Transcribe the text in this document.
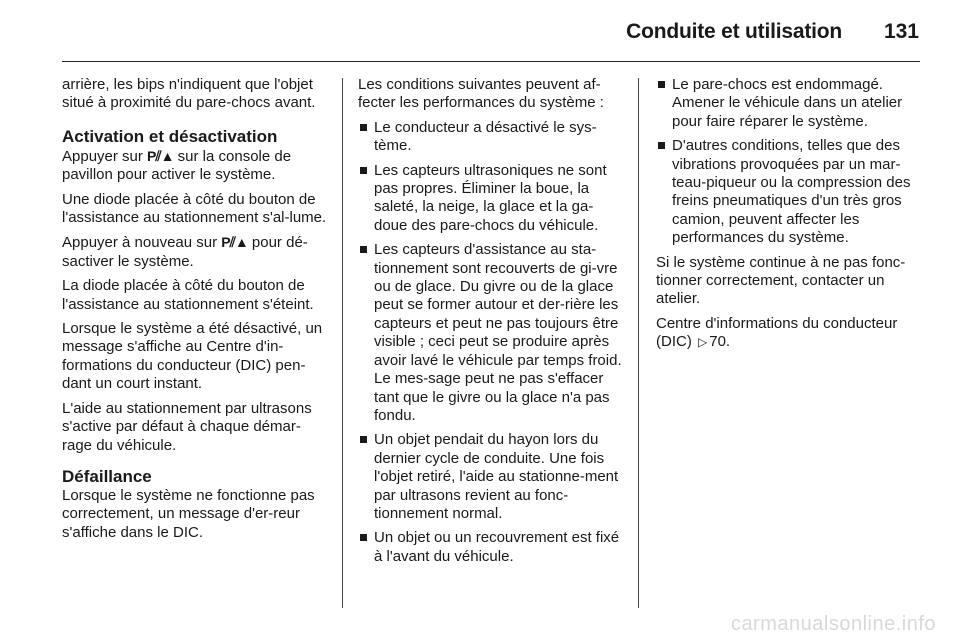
Conduite et utilisation 131

arrière, les bips n'indiquent que l'objet situé à proximité du pare-chocs avant.

Activation et désactivation

Appuyer sur P⫽▲ sur la console de pavillon pour activer le système.

Une diode placée à côté du bouton de l'assistance au stationnement s'al-lume.

Appuyer à nouveau sur P⫽▲ pour dé-sactiver le système.

La diode placée à côté du bouton de l'assistance au stationnement s'éteint.

Lorsque le système a été désactivé, un message s'affiche au Centre d'in-formations du conducteur (DIC) pen-dant un court instant.

L'aide au stationnement par ultrasons s'active par défaut à chaque démar-rage du véhicule.

Défaillance

Lorsque le système ne fonctionne pas correctement, un message d'er-reur s'affiche dans le DIC.

Les conditions suivantes peuvent af-fecter les performances du système :

Le conducteur a désactivé le sys-tème.
Les capteurs ultrasoniques ne sont pas propres. Éliminer la boue, la saleté, la neige, la glace et la ga-doue des pare-chocs du véhicule.
Les capteurs d'assistance au sta-tionnement sont recouverts de gi-vre ou de glace. Du givre ou de la glace peut se former autour et der-rière les capteurs et peut ne pas toujours être visible ; ceci peut se produire après avoir lavé le véhicule par temps froid. Le mes-sage peut ne pas s'effacer tant que le givre ou la glace n'a pas fondu.
Un objet pendait du hayon lors du dernier cycle de conduite. Une fois l'objet retiré, l'aide au stationne-ment par ultrasons revient au fonc-tionnement normal.
Un objet ou un recouvrement est fixé à l'avant du véhicule.
Le pare-chocs est endommagé. Amener le véhicule dans un atelier pour faire réparer le système.
D'autres conditions, telles que des vibrations provoquées par un mar-teau-piqueur ou la compression des freins pneumatiques d'un très gros camion, peuvent affecter les performances du système.

Si le système continue à ne pas fonc-tionner correctement, contacter un atelier.

Centre d'informations du conducteur (DIC) ▷ 70.

carmanualsonline.info
